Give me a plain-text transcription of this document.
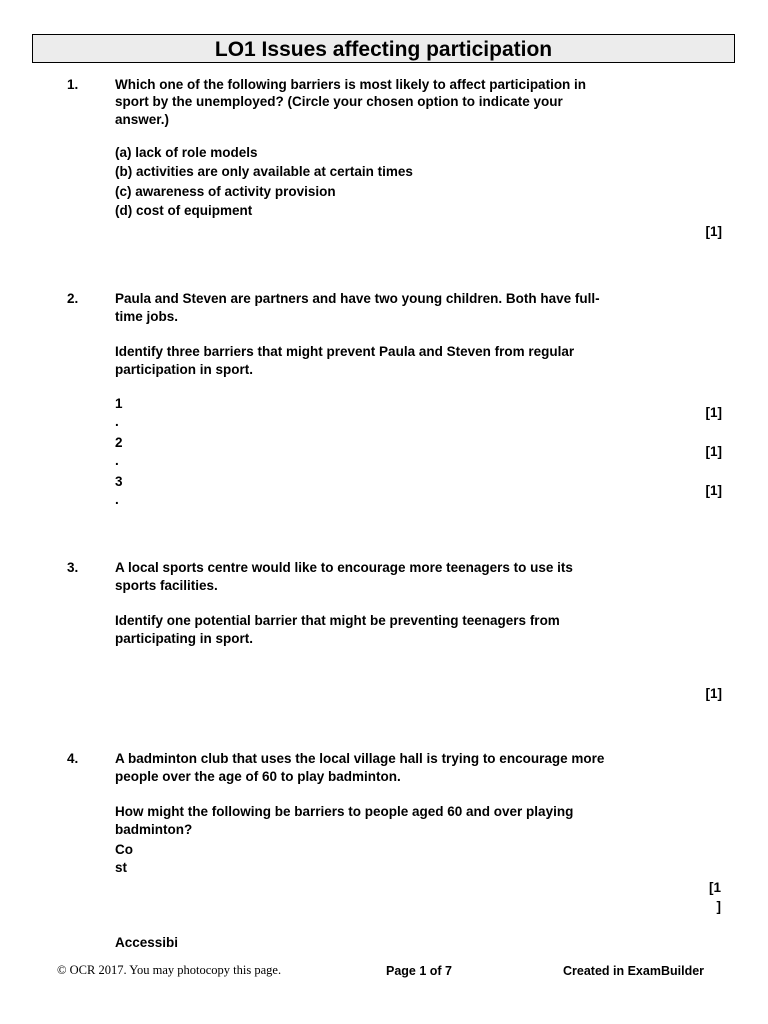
LO1 Issues affecting participation
1.	Which one of the following barriers is most likely to affect participation in
sport by the unemployed? (Circle your chosen option to indicate your
answer.)
(a) lack of role models
(b) activities are only available at certain times
(c) awareness of activity provision
(d) cost of equipment
[1]
2.	Paula and Steven are partners and have two young children. Both have full-
time jobs.
Identify three barriers that might prevent Paula and Steven from regular
participation in sport.
1
.
[1]
2
.
[1]
3
.
[1]
3.	A local sports centre would like to encourage more teenagers to use its
sports facilities.
Identify one potential barrier that might be preventing teenagers from
participating in sport.
[1]
4.	A badminton club that uses the local village hall is trying to encourage more
people over the age of 60 to play badminton.
How might the following be barriers to people aged 60 and over playing
badminton?
Co
st
[1
]
Accessibi
© OCR 2017. You may photocopy this page.	Page 1 of 7	Created in ExamBuilder
